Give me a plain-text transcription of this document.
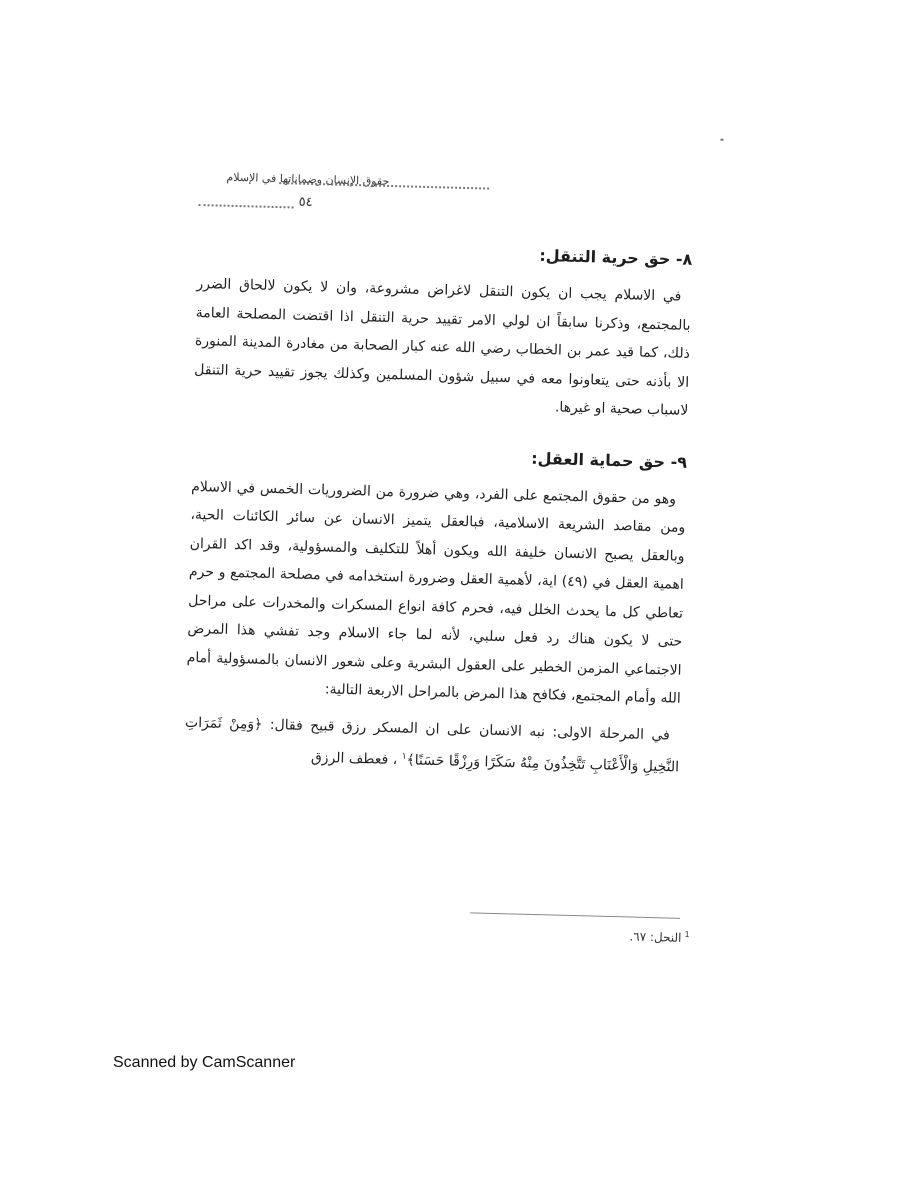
حقوق الإنسان وضماناتها في الإسلام
٥٤
٨- حق حرية التنقل:

في الاسلام يجب ان يكون التنقل لاغراض مشروعة، وان لا يكون لالحاق الضرر بالمجتمع، وذكرنا سابقاً ان لولي الامر تقييد حرية التنقل اذا اقتضت المصلحة العامة ذلك، كما قيد عمر بن الخطاب رضي الله عنه كبار الصحابة من مغادرة المدينة المنورة الا بأذنه حتى يتعاونوا معه في سبيل شؤون المسلمين وكذلك يجوز تقييد حرية التنقل لاسباب صحية او غيرها.

٩- حق حماية العقل:

وهو من حقوق المجتمع على الفرد، وهي ضرورة من الضروريات الخمس في الاسلام ومن مقاصد الشريعة الاسلامية، فبالعقل يتميز الانسان عن سائر الكائنات الحية، وبالعقل يصبح الانسان خليفة الله ويكون أهلاً للتكليف والمسؤولية، وقد اكد القران اهمية العقل في (٤٩) اية، لأهمية العقل وضرورة استخدامه في مصلحة المجتمع و حرم تعاطي كل ما يحدث الخلل فيه، فحرم كافة انواع المسكرات والمخدرات على مراحل حتى لا يكون هناك رد فعل سلبي، لأنه لما جاء الاسلام وجد تفشي هذا المرض الاجتماعي المزمن الخطير على العقول البشرية وعلى شعور الانسان بالمسؤولية أمام الله وأمام المجتمع، فكافح هذا المرض بالمراحل الاربعة التالية:

في المرحلة الاولى: نبه الانسان على ان المسكر رزق قبيح فقال: ﴿وَمِنْ ثَمَرَاتِ النَّخِيلِ وَالْأَعْنَابِ تَتَّخِذُونَ مِنْهُ سَكَرًا وَرِزْقًا حَسَنًا﴾$^١$ ، فعطف الرزق

$^1$النحل: ٦٧.
Scanned by CamScanner
